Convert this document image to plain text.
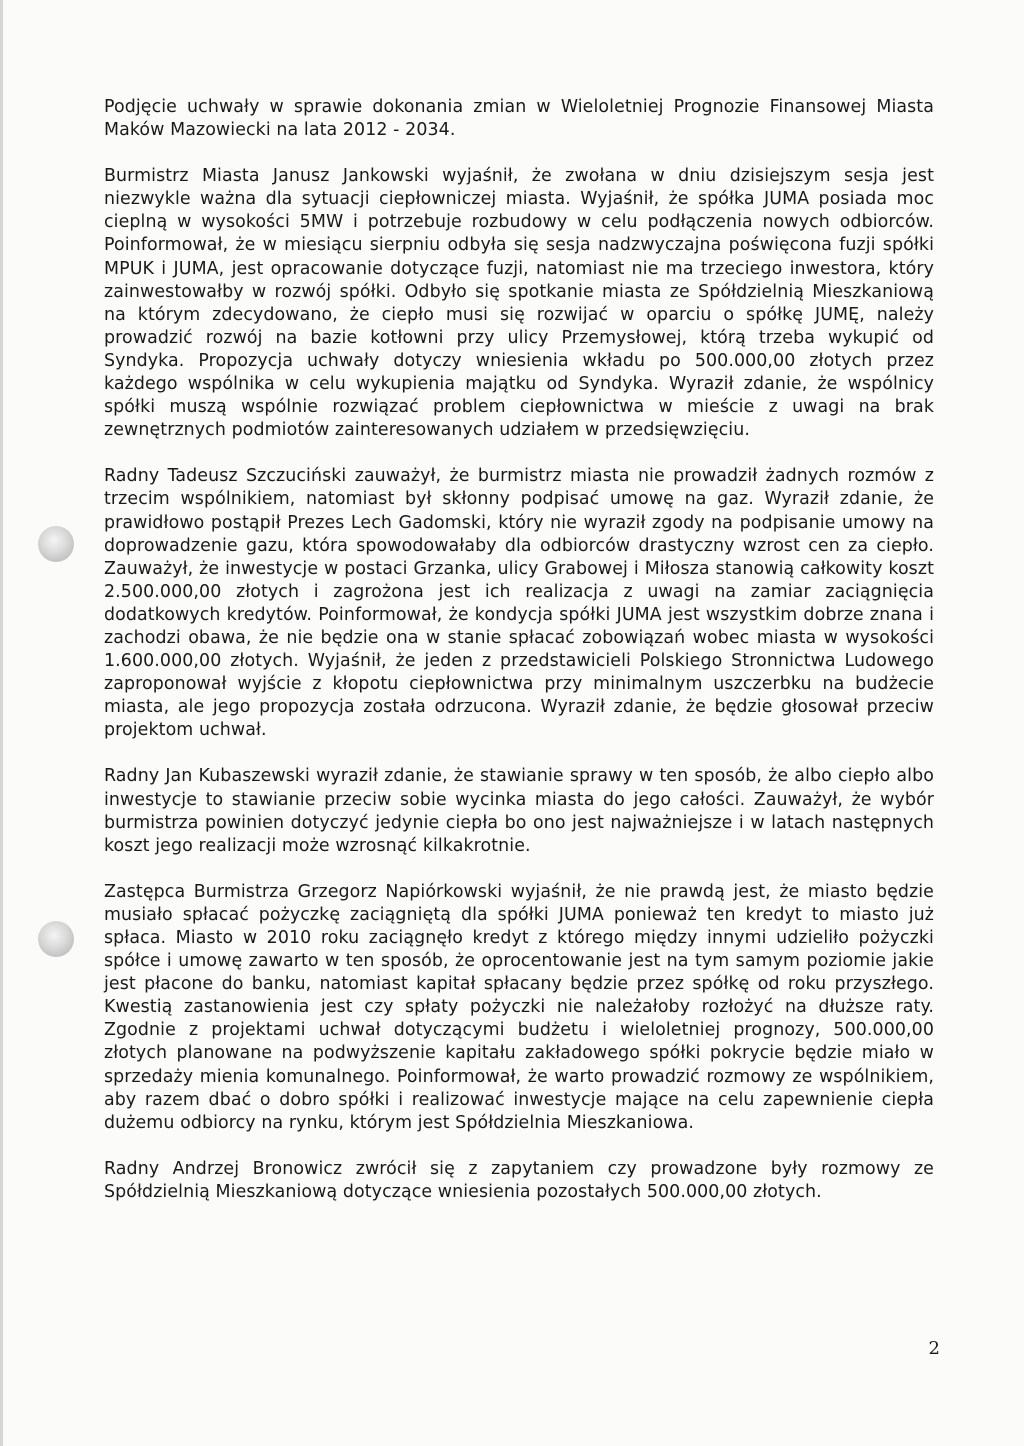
Podjęcie uchwały w sprawie dokonania zmian w Wieloletniej Prognozie Finansowej Miasta Maków Mazowiecki na lata 2012 - 2034.

Burmistrz Miasta Janusz Jankowski wyjaśnił, że zwołana w dniu dzisiejszym sesja jest niezwykle ważna dla sytuacji ciepłowniczej miasta. Wyjaśnił, że spółka JUMA posiada moc cieplną w wysokości 5MW i potrzebuje rozbudowy w celu podłączenia nowych odbiorców. Poinformował, że w miesiącu sierpniu odbyła się sesja nadzwyczajna poświęcona fuzji spółki MPUK i JUMA, jest opracowanie dotyczące fuzji, natomiast nie ma trzeciego inwestora, który zainwestowałby w rozwój spółki. Odbyło się spotkanie miasta ze Spółdzielnią Mieszkaniową na którym zdecydowano, że ciepło musi się rozwijać w oparciu o spółkę JUMĘ, należy prowadzić rozwój na bazie kotłowni przy ulicy Przemysłowej, którą trzeba wykupić od Syndyka. Propozycja uchwały dotyczy wniesienia wkładu po 500.000,00 złotych przez każdego wspólnika w celu wykupienia majątku od Syndyka. Wyraził zdanie, że wspólnicy spółki muszą wspólnie rozwiązać problem ciepłownictwa w mieście z uwagi na brak zewnętrznych podmiotów zainteresowanych udziałem w przedsięwzięciu.

Radny Tadeusz Szczuciński zauważył, że burmistrz miasta nie prowadził żadnych rozmów z trzecim wspólnikiem, natomiast był skłonny podpisać umowę na gaz. Wyraził zdanie, że prawidłowo postąpił Prezes Lech Gadomski, który nie wyraził zgody na podpisanie umowy na doprowadzenie gazu, która spowodowałaby dla odbiorców drastyczny wzrost cen za ciepło. Zauważył, że inwestycje w postaci Grzanka, ulicy Grabowej i Miłosza stanowią całkowity koszt 2.500.000,00 złotych i zagrożona jest ich realizacja z uwagi na zamiar zaciągnięcia dodatkowych kredytów. Poinformował, że kondycja spółki JUMA jest wszystkim dobrze znana i zachodzi obawa, że nie będzie ona w stanie spłacać zobowiązań wobec miasta w wysokości 1.600.000,00 złotych. Wyjaśnił, że jeden z przedstawicieli Polskiego Stronnictwa Ludowego zaproponował wyjście z kłopotu ciepłownictwa przy minimalnym uszczerbku na budżecie miasta, ale jego propozycja została odrzucona. Wyraził zdanie, że będzie głosował przeciw projektom uchwał.

Radny Jan Kubaszewski wyraził zdanie, że stawianie sprawy w ten sposób, że albo ciepło albo inwestycje to stawianie przeciw sobie wycinka miasta do jego całości. Zauważył, że wybór burmistrza powinien dotyczyć jedynie ciepła bo ono jest najważniejsze i w latach następnych koszt jego realizacji może wzrosnąć kilkakrotnie.

Zastępca Burmistrza Grzegorz Napiórkowski wyjaśnił, że nie prawdą jest, że miasto będzie musiało spłacać pożyczkę zaciągniętą dla spółki JUMA ponieważ ten kredyt to miasto już spłaca. Miasto w 2010 roku zaciągnęło kredyt z którego między innymi udzieliło pożyczki spółce i umowę zawarto w ten sposób, że oprocentowanie jest na tym samym poziomie jakie jest płacone do banku, natomiast kapitał spłacany będzie przez spółkę od roku przyszłego. Kwestią zastanowienia jest czy spłaty pożyczki nie należałoby rozłożyć na dłuższe raty. Zgodnie z projektami uchwał dotyczącymi budżetu i wieloletniej prognozy, 500.000,00 złotych planowane na podwyższenie kapitału zakładowego spółki pokrycie będzie miało w sprzedaży mienia komunalnego. Poinformował, że warto prowadzić rozmowy ze wspólnikiem, aby razem dbać o dobro spółki i realizować inwestycje mające na celu zapewnienie ciepła dużemu odbiorcy na rynku, którym jest Spółdzielnia Mieszkaniowa.

Radny Andrzej Bronowicz zwrócił się z zapytaniem czy prowadzone były rozmowy ze Spółdzielnią Mieszkaniową dotyczące wniesienia pozostałych 500.000,00 złotych.

2
